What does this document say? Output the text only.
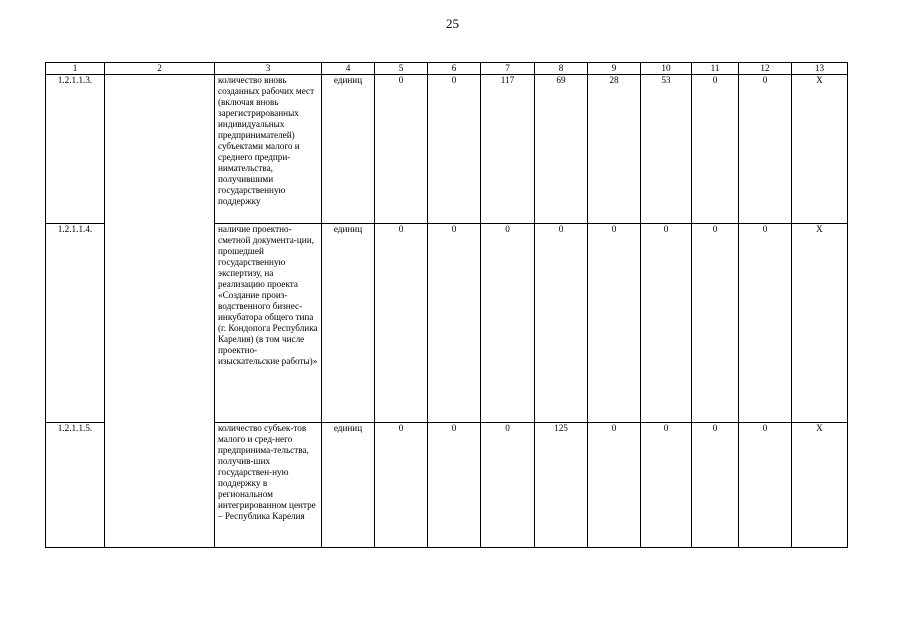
25
1	2	3	4	5	6	7	8	9	10	11	12	13
1.2.1.1.3.		количество вновь созданных рабочих мест (включая вновь зарегистрированных индивидуальных предпринимателей) субъектами малого и среднего предпри-нимательства, получившими государственную поддержку	единиц	0	0	117	69	28	53	0	0	Х
1.2.1.1.4.		наличие проектно-сметной документа-ции, прошедшей государственную экспертизу, на реализацию проекта «Создание произ-водственного бизнес-инкубатора общего типа (г. Кондопога Республика Карелия) (в том числе проектно-изыскательские работы)»	единиц	0	0	0	0	0	0	0	0	Х
1.2.1.1.5.		количество субъек-тов малого и сред-него предпринима-тельства, получив-ших государствен-ную поддержку в региональном интегрированном центре – Республика Карелия	единиц	0	0	0	125	0	0	0	0	Х
